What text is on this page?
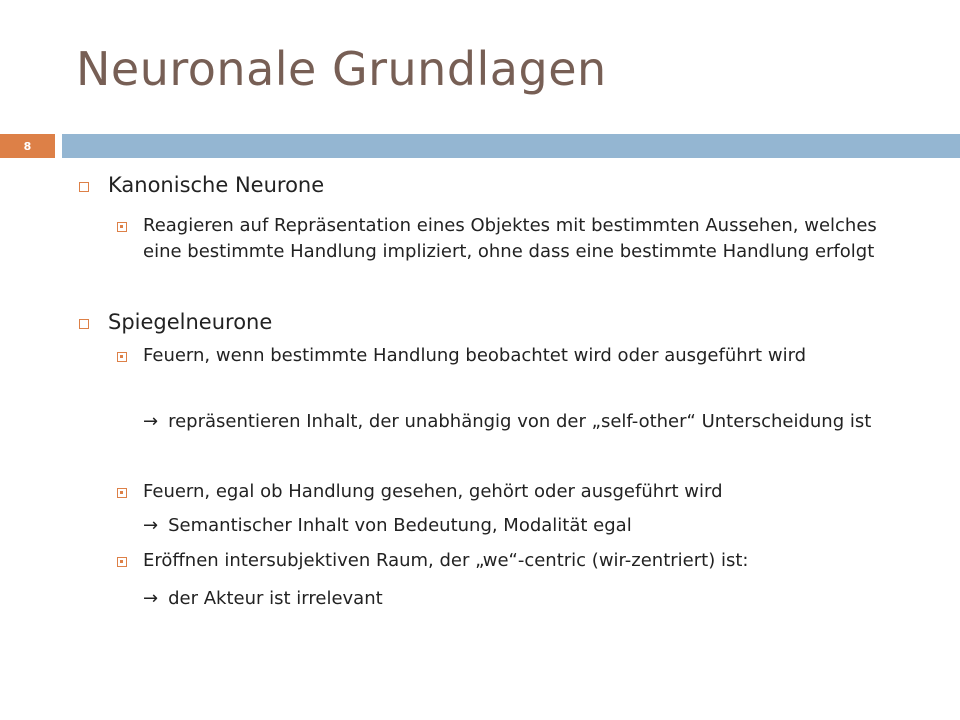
Neuronale Grundlagen
8
Kanonische Neurone
Reagieren auf Repräsentation eines Objektes mit bestimmten Aussehen, welches eine bestimmte Handlung impliziert, ohne dass eine bestimmte Handlung erfolgt
Spiegelneurone
Feuern, wenn bestimmte Handlung beobachtet wird oder ausgeführt wird
→ repräsentieren Inhalt, der unabhängig von der „self-other“ Unterscheidung ist
Feuern, egal ob Handlung gesehen, gehört oder ausgeführt wird
→ Semantischer Inhalt von Bedeutung, Modalität egal
Eröffnen intersubjektiven Raum, der „we“-centric (wir-zentriert) ist:
→ der Akteur ist irrelevant
